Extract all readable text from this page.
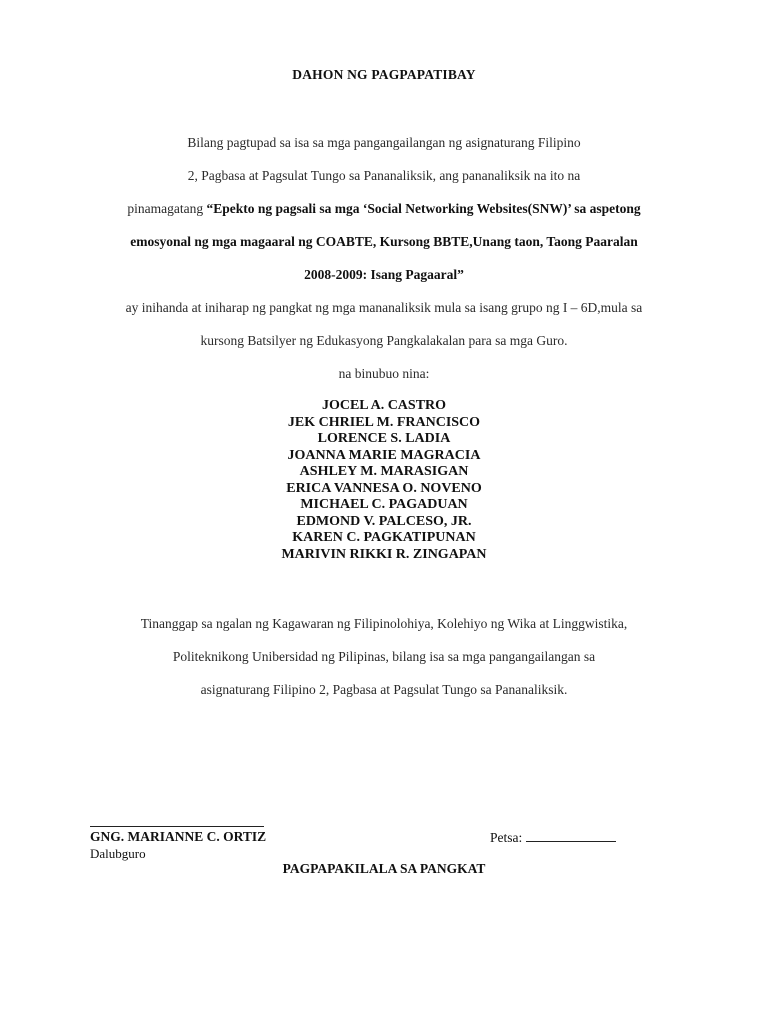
DAHON NG PAGPAPATIBAY
Bilang pagtupad sa isa sa mga pangangailangan ng asignaturang Filipino
2, Pagbasa at Pagsulat Tungo sa Pananaliksik, ang pananaliksik na ito na
pinamagatang “Epekto ng pagsali sa mga ‘Social Networking Websites(SNW)’ sa aspetong
emosyonal ng mga magaaral ng COABTE, Kursong BBTE,Unang taon, Taong Paaralan
2008-2009: Isang Pagaaral”
ay inihanda at iniharap ng pangkat ng mga mananaliksik mula sa isang grupo ng I – 6D,mula sa
kursong Batsilyer ng Edukasyong Pangkalakalan para sa mga Guro.
na binubuo nina:
JOCEL A. CASTRO
JEK CHRIEL M. FRANCISCO
LORENCE S. LADIA
JOANNA MARIE MAGRACIA
ASHLEY M. MARASIGAN
ERICA VANNESA O. NOVENO
MICHAEL C. PAGADUAN
EDMOND V. PALCESO, JR.
KAREN C. PAGKATIPUNAN
MARIVIN RIKKI R. ZINGAPAN
Tinanggap sa ngalan ng Kagawaran ng Filipinolohiya, Kolehiyo ng Wika at Linggwistika,
Politeknikong Unibersidad ng Pilipinas, bilang isa sa mga pangangailangan sa
asignaturang Filipino 2, Pagbasa at Pagsulat Tungo sa Pananaliksik.
GNG. MARIANNE C. ORTIZ
Dalubguro
Petsa:
PAGPAPAKILALA SA PANGKAT
